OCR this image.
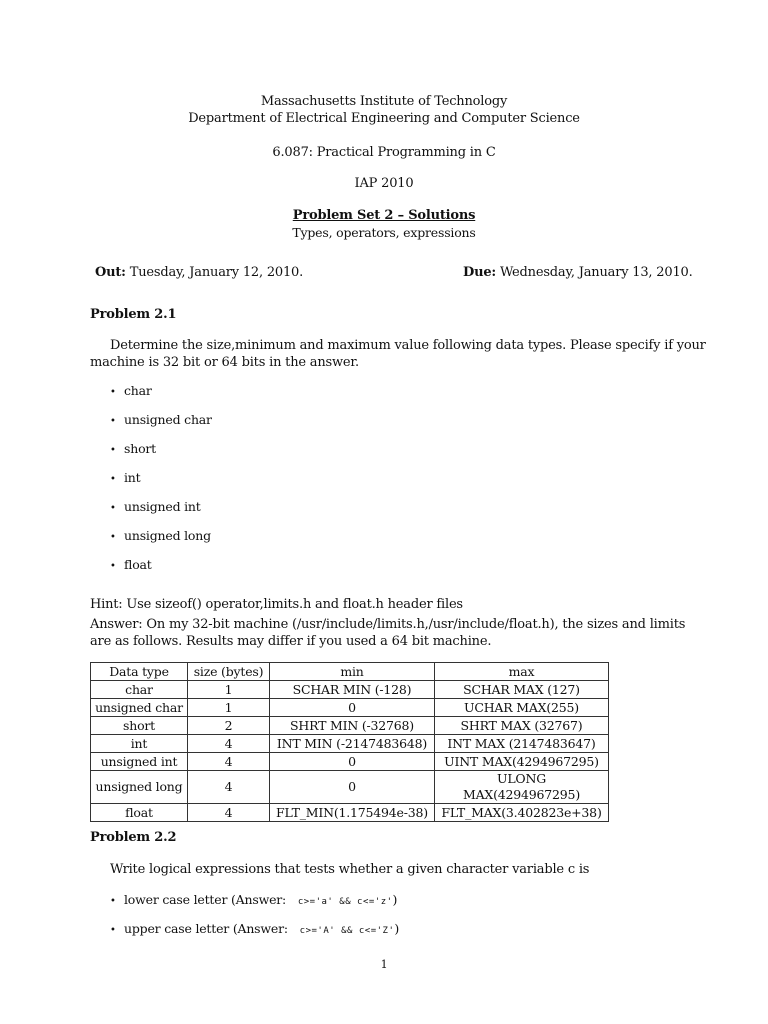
Massachusetts Institute of Technology
Department of Electrical Engineering and Computer Science
6.087: Practical Programming in C
IAP 2010
Problem Set 2 – Solutions
Types, operators, expressions
Out: Tuesday, January 12, 2010.	Due: Wednesday, January 13, 2010.
Problem 2.1
Determine the size,minimum and maximum value following data types. Please specify if your
machine is 32 bit or 64 bits in the answer.
• char
• unsigned char
• short
• int
• unsigned int
• unsigned long
• float
Hint: Use sizeof() operator,limits.h and float.h header files
Answer: On my 32-bit machine (/usr/include/limits.h,/usr/include/float.h), the sizes and limits
are as follows. Results may differ if you used a 64 bit machine.
Data type	size (bytes)	min	max
char	1	SCHAR MIN (-128)	SCHAR MAX (127)
unsigned char	1	0	UCHAR MAX(255)
short	2	SHRT MIN (-32768)	SHRT MAX (32767)
int	4	INT MIN (-2147483648)	INT MAX (2147483647)
unsigned int	4	0	UINT MAX(4294967295)
unsigned long	4	0	ULONG MAX(4294967295)
float	4	FLT_MIN(1.175494e-38)	FLT_MAX(3.402823e+38)
Problem 2.2
Write logical expressions that tests whether a given character variable c is
• lower case letter (Answer: c>='a' && c<='z')
• upper case letter (Answer: c>='A' && c<='Z')
1
